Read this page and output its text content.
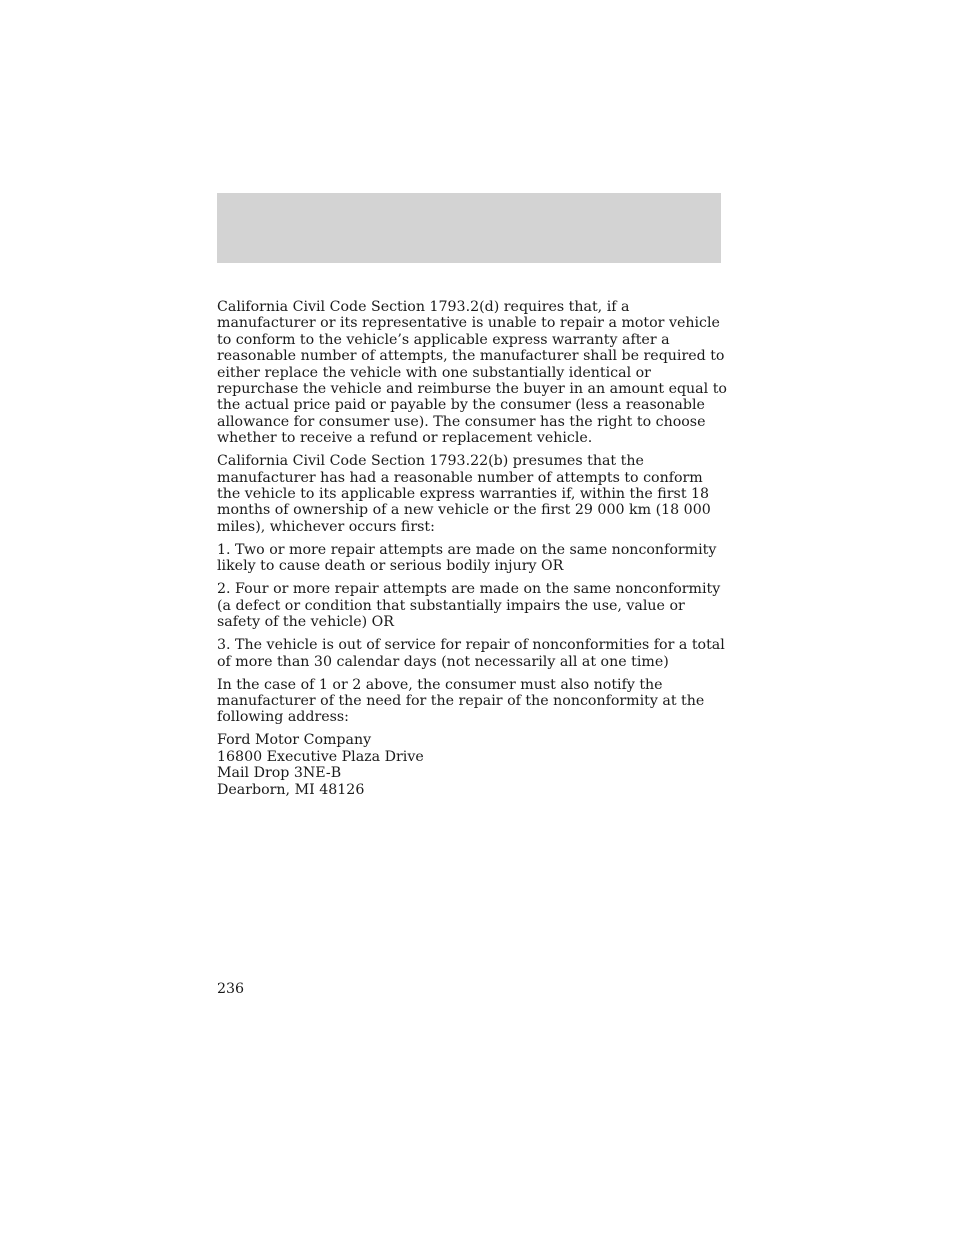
California Civil Code Section 1793.2(d) requires that, if a manufacturer or its representative is unable to repair a motor vehicle to conform to the vehicle’s applicable express warranty after a reasonable number of attempts, the manufacturer shall be required to either replace the vehicle with one substantially identical or repurchase the vehicle and reimburse the buyer in an amount equal to the actual price paid or payable by the consumer (less a reasonable allowance for consumer use). The consumer has the right to choose whether to receive a refund or replacement vehicle.

California Civil Code Section 1793.22(b) presumes that the manufacturer has had a reasonable number of attempts to conform the vehicle to its applicable express warranties if, within the first 18 months of ownership of a new vehicle or the first 29 000 km (18 000 miles), whichever occurs first:

1. Two or more repair attempts are made on the same nonconformity likely to cause death or serious bodily injury OR

2. Four or more repair attempts are made on the same nonconformity (a defect or condition that substantially impairs the use, value or safety of the vehicle) OR

3. The vehicle is out of service for repair of nonconformities for a total of more than 30 calendar days (not necessarily all at one time)

In the case of 1 or 2 above, the consumer must also notify the manufacturer of the need for the repair of the nonconformity at the following address:

Ford Motor Company
16800 Executive Plaza Drive
Mail Drop 3NE-B
Dearborn, MI 48126
236
